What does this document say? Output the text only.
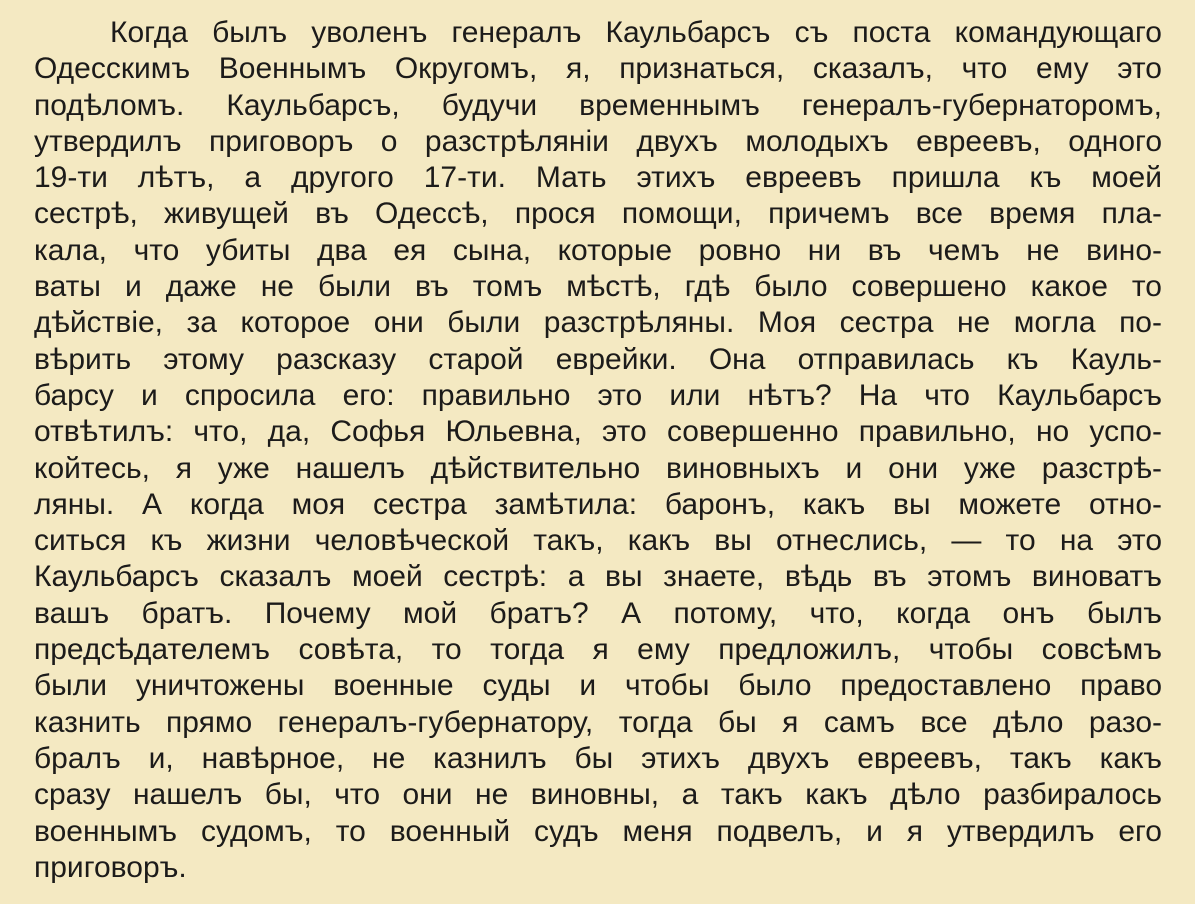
Когда былъ уволенъ генералъ Каульбарсъ съ поста командующаго
Одесскимъ Военнымъ Округомъ, я, признаться, сказалъ, что ему это
подѣломъ. Каульбарсъ, будучи временнымъ генералъ-губернаторомъ,
утвердилъ приговоръ о разстрѣляніи двухъ молодыхъ евреевъ, одного
19-ти лѣтъ, а другого 17-ти. Мать этихъ евреевъ пришла къ моей
сестрѣ, живущей въ Одессѣ, прося помощи, причемъ все время пла-
кала, что убиты два ея сына, которые ровно ни въ чемъ не вино-
ваты и даже не были въ томъ мѣстѣ, гдѣ было совершено какое то
дѣйствіе, за которое они были разстрѣляны. Моя сестра не могла по-
вѣрить этому разсказу старой еврейки. Она отправилась къ Кауль-
барсу и спросила его: правильно это или нѣтъ? На что Каульбарсъ
отвѣтилъ: что, да, Софья Юльевна, это совершенно правильно, но успо-
койтесь, я уже нашелъ дѣйствительно виновныхъ и они уже разстрѣ-
ляны. А когда моя сестра замѣтила: баронъ, какъ вы можете отно-
ситься къ жизни человѣческой такъ, какъ вы отнеслись, — то на это
Каульбарсъ сказалъ моей сестрѣ: а вы знаете, вѣдь въ этомъ виноватъ
вашъ братъ. Почему мой братъ? А потому, что, когда онъ былъ
предсѣдателемъ совѣта, то тогда я ему предложилъ, чтобы совсѣмъ
были уничтожены военные суды и чтобы было предоставлено право
казнить прямо генералъ-губернатору, тогда бы я самъ все дѣло разо-
бралъ и, навѣрное, не казнилъ бы этихъ двухъ евреевъ, такъ какъ
сразу нашелъ бы, что они не виновны, а такъ какъ дѣло разбиралось
военнымъ судомъ, то военный судъ меня подвелъ, и я утвердилъ его
приговоръ.
